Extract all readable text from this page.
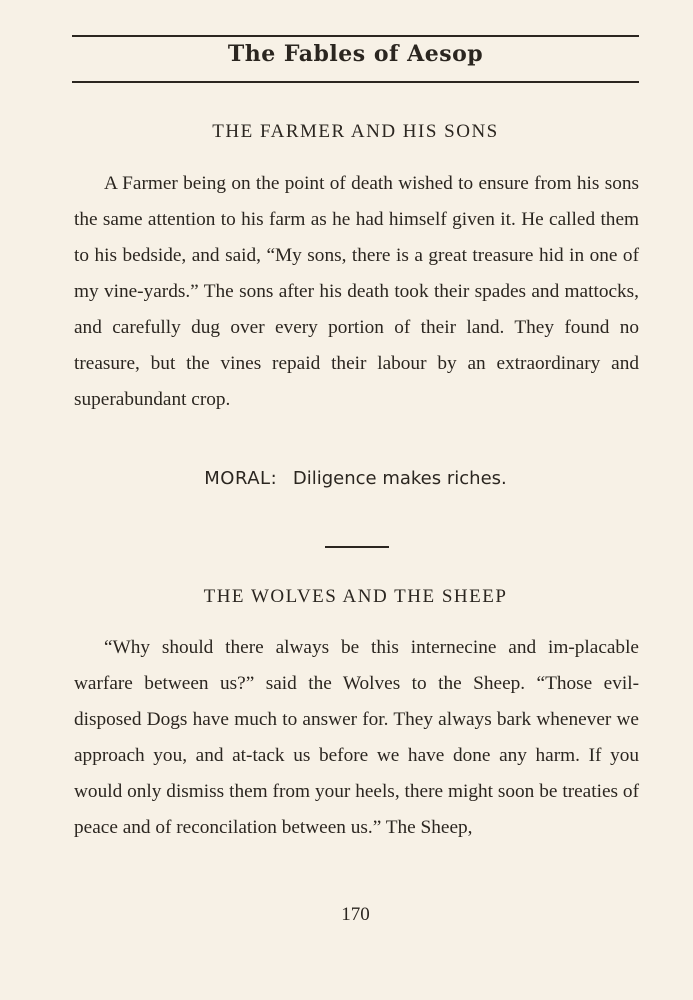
The Fables of Aesop
THE FARMER AND HIS SONS

A Farmer being on the point of death wished to ensure from his sons the same attention to his farm as he had himself given it. He called them to his bedside, and said, “My sons, there is a great treasure hid in one of my vine-yards.” The sons after his death took their spades and mattocks, and carefully dug over every portion of their land. They found no treasure, but the vines repaid their labour by an extraordinary and superabundant crop.

MORAL: Diligence makes riches.
THE WOLVES AND THE SHEEP

“Why should there always be this internecine and im-placable warfare between us?” said the Wolves to the Sheep. “Those evil-disposed Dogs have much to answer for. They always bark whenever we approach you, and at-tack us before we have done any harm. If you would only dismiss them from your heels, there might soon be treaties of peace and of reconcilation between us.” The Sheep,

170
